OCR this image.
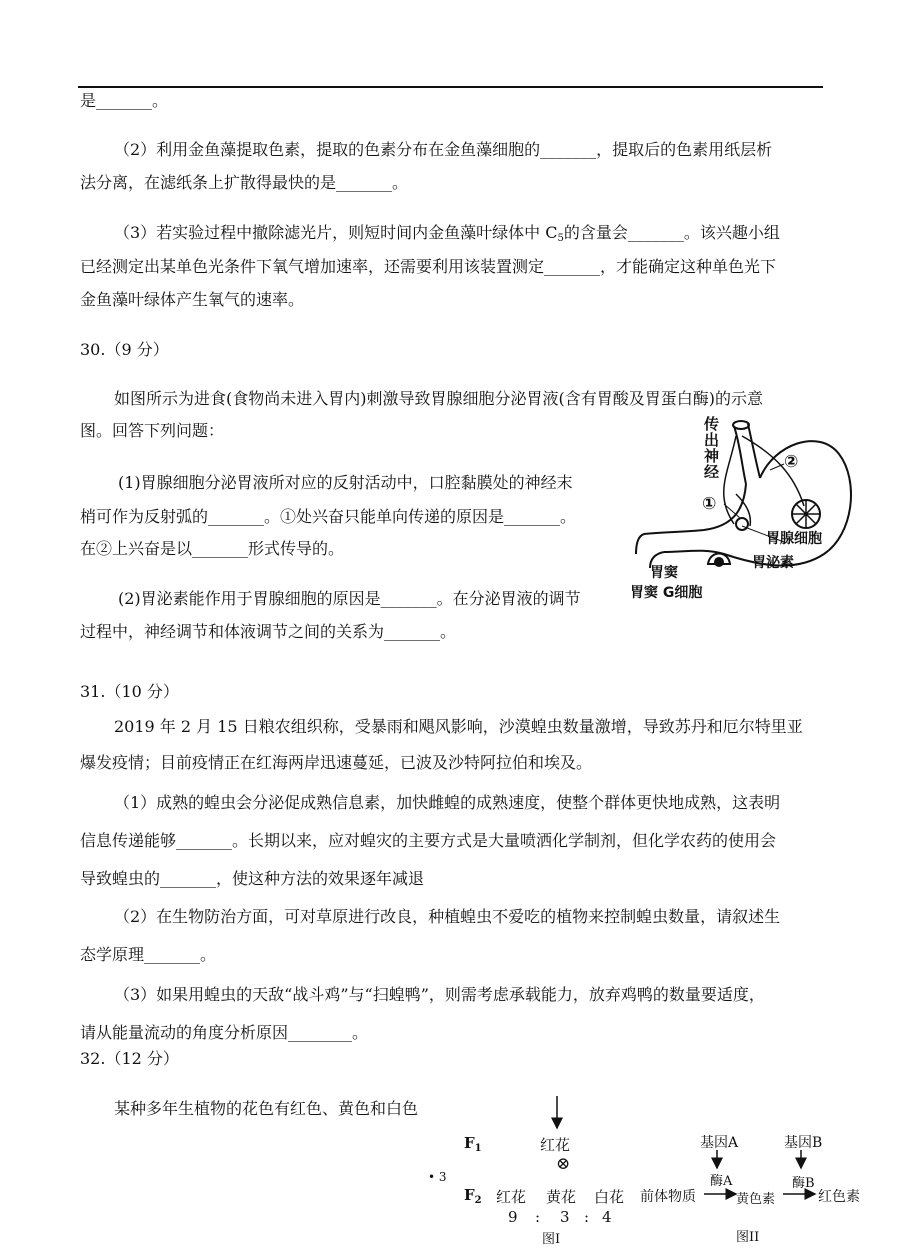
是_______。
（2）利用金鱼藻提取色素，提取的色素分布在金鱼藻细胞的_______，提取后的色素用纸层析
法分离，在滤纸条上扩散得最快的是_______。
（3）若实验过程中撤除滤光片，则短时间内金鱼藻叶绿体中 $C_5$的含量会_______。该兴趣小组
已经测定出某单色光条件下氧气增加速率，还需要利用该装置测定_______，才能确定这种单色光下
金鱼藻叶绿体产生氧气的速率。
30.（9 分）
如图所示为进食(食物尚未进入胃内)刺激导致胃腺细胞分泌胃液(含有胃酸及胃蛋白酶)的示意
图。回答下列问题：
(1)胃腺细胞分泌胃液所对应的反射活动中，口腔黏膜处的神经末
梢可作为反射弧的_______。①处兴奋只能单向传递的原因是_______。
在②上兴奋是以_______形式传导的。
(2)胃泌素能作用于胃腺细胞的原因是_______。在分泌胃液的调节
过程中，神经调节和体液调节之间的关系为_______。
传出神经	②
①
胃腺细胞
胃泌素
胃窦
胃窦 G细胞
31.（10 分）
2019 年 2 月 15 日粮农组织称，受暴雨和飓风影响，沙漠蝗虫数量激增，导致苏丹和厄尔特里亚
爆发疫情；目前疫情正在红海两岸迅速蔓延，已波及沙特阿拉伯和埃及。
（1）成熟的蝗虫会分泌促成熟信息素，加快雌蝗的成熟速度，使整个群体更快地成熟，这表明
信息传递能够_______。长期以来，应对蝗灾的主要方式是大量喷洒化学制剂，但化学农药的使用会
导致蝗虫的_______，使这种方法的效果逐年减退
（2）在生物防治方面，可对草原进行改良，种植蝗虫不爱吃的植物来控制蝗虫数量，请叙述生
态学原理_______。
（3）如果用蝗虫的天敌“战斗鸡”与“扫蝗鸭”，则需考虑承载能力，放弃鸡鸭的数量要适度，
请从能量流动的角度分析原因________。
32.（12 分）
某种多年生植物的花色有红色、黄色和白色
$F_1$	红花
⊗
• 3
$F_2$ 红花 黄花 白花
9 : 3 : 4
图I
基因A	基因B
酶A	酶B
前体物质	黄色素	红色素
图II
